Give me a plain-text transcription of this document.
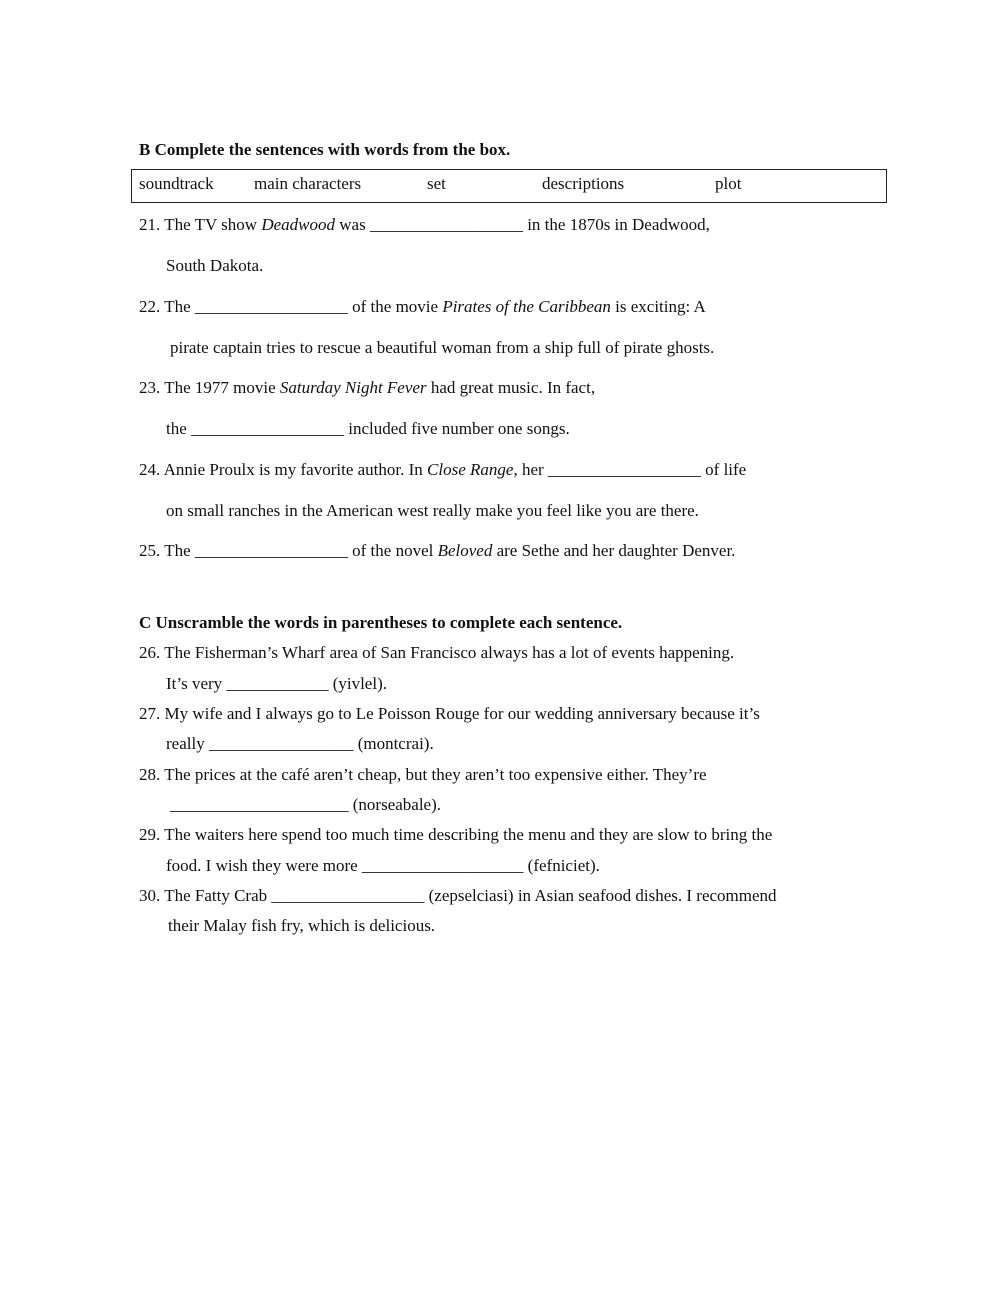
B Complete the sentences with words from the box.
soundtrack main characters	set	descriptions	plot
21. The TV show Deadwood was __________________ in the 1870s in Deadwood,
South Dakota.
22. The __________________ of the movie Pirates of the Caribbean is exciting: A
pirate captain tries to rescue a beautiful woman from a ship full of pirate ghosts.
23. The 1977 movie Saturday Night Fever had great music. In fact,
the __________________ included five number one songs.
24. Annie Proulx is my favorite author. In Close Range, her __________________ of life
on small ranches in the American west really make you feel like you are there.
25. The __________________ of the novel Beloved are Sethe and her daughter Denver.
C Unscramble the words in parentheses to complete each sentence.
26. The Fisherman’s Wharf area of San Francisco always has a lot of events happening.
It’s very ____________ (yivlel).
27. My wife and I always go to Le Poisson Rouge for our wedding anniversary because it’s
really _________________ (montcrai).
28. The prices at the café aren’t cheap, but they aren’t too expensive either. They’re
_____________________ (norseabale).
29. The waiters here spend too much time describing the menu and they are slow to bring the
food. I wish they were more ___________________ (fefniciet).
30. The Fatty Crab __________________ (zepselciasi) in Asian seafood dishes. I recommend
their Malay fish fry, which is delicious.
